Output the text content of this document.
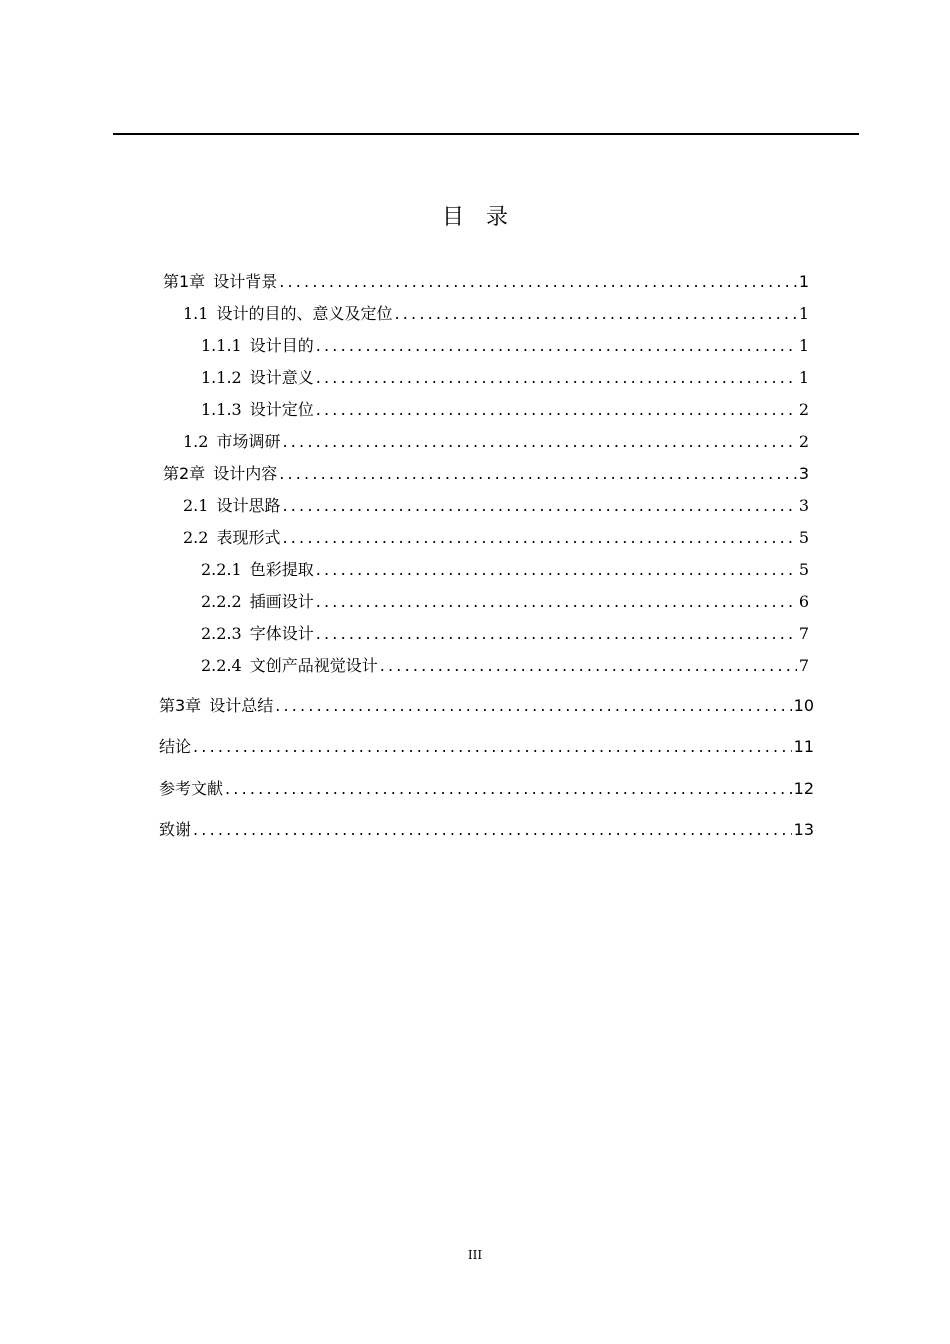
目录
第1章 设计背景 .....	1
1.1 设计的目的、意义及定位 .....	1
1.1.1 设计目的 .....	1
1.1.2 设计意义 .....	1
1.1.3 设计定位 .....	2
1.2 市场调研 .....	2
第2章 设计内容 .....	3
2.1 设计思路 .....	3
2.2 表现形式 .....	5
2.2.1 色彩提取 .....	5
2.2.2 插画设计 .....	6
2.2.3 字体设计 .....	7
2.2.4 文创产品视觉设计 .....	7
第3章 设计总结 .....	10
结论 .....	11
参考文献 .....	12
致谢 .....	13
III
